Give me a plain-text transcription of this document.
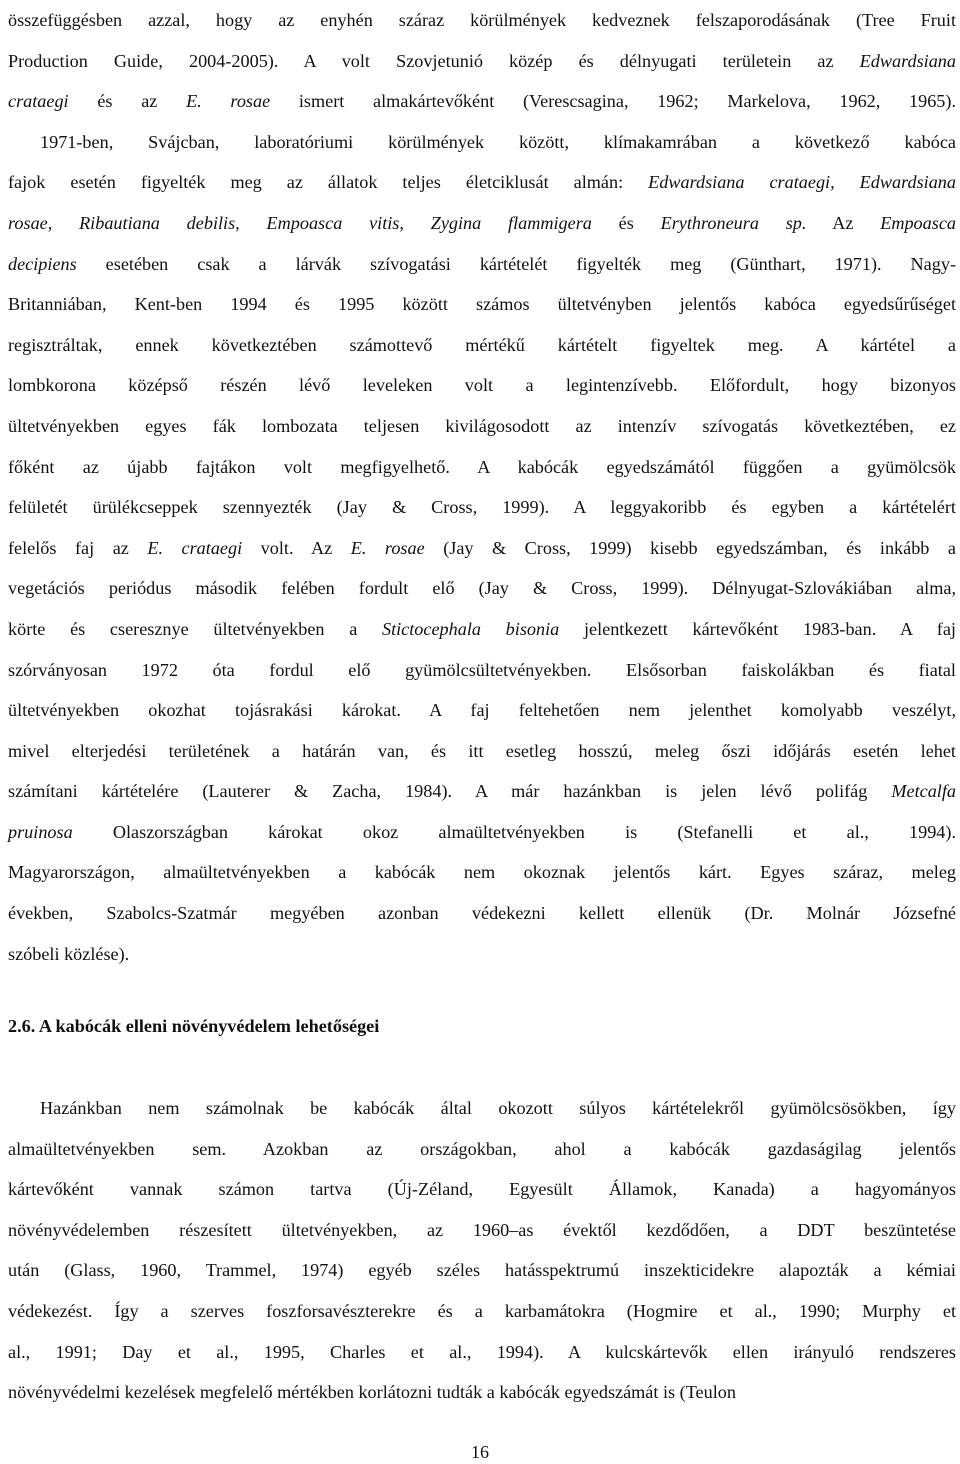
összefüggésben azzal, hogy az enyhén száraz körülmények kedveznek felszaporodásának (Tree Fruit
Production Guide, 2004-2005). A volt Szovjetunió közép és délnyugati területein az Edwardsiana
crataegi és az E. rosae ismert almakártevőként (Verescsagina, 1962; Markelova, 1962, 1965).
1971-ben, Svájcban, laboratóriumi körülmények között, klímakamrában a következő kabóca
fajok esetén figyelték meg az állatok teljes életciklusát almán: Edwardsiana crataegi, Edwardsiana
rosae, Ribautiana debilis, Empoasca vitis, Zygina flammigera és Erythroneura sp. Az Empoasca
decipiens esetében csak a lárvák szívogatási kártételét figyelték meg (Günthart, 1971). Nagy-
Britanniában, Kent-ben 1994 és 1995 között számos ültetvényben jelentős kabóca egyedsűrűséget
regisztráltak, ennek következtében számottevő mértékű kártételt figyeltek meg. A kártétel a
lombkorona középső részén lévő leveleken volt a legintenzívebb. Előfordult, hogy bizonyos
ültetvényekben egyes fák lombozata teljesen kivilágosodott az intenzív szívogatás következtében, ez
főként az újabb fajtákon volt megfigyelhető. A kabócák egyedszámától függően a gyümölcsök
felületét ürülékcseppek szennyezték (Jay & Cross, 1999). A leggyakoribb és egyben a kártételért
felelős faj az E. crataegi volt. Az E. rosae (Jay & Cross, 1999) kisebb egyedszámban, és inkább a
vegetációs periódus második felében fordult elő (Jay & Cross, 1999). Délnyugat-Szlovákiában alma,
körte és cseresznye ültetvényekben a Stictocephala bisonia jelentkezett kártevőként 1983-ban. A faj
szórványosan 1972 óta fordul elő gyümölcsültetvényekben. Elsősorban faiskolákban és fiatal
ültetvényekben okozhat tojásrakási károkat. A faj feltehetően nem jelenthet komolyabb veszélyt,
mivel elterjedési területének a határán van, és itt esetleg hosszú, meleg őszi időjárás esetén lehet
számítani kártételére (Lauterer & Zacha, 1984). A már hazánkban is jelen lévő polifág Metcalfa
pruinosa Olaszországban károkat okoz almaültetvényekben is (Stefanelli et al., 1994).
Magyarországon, almaültetvényekben a kabócák nem okoznak jelentős kárt. Egyes száraz, meleg
években, Szabolcs-Szatmár megyében azonban védekezni kellett ellenük (Dr. Molnár Józsefné
szóbeli közlése).
2.6. A kabócák elleni növényvédelem lehetőségei
Hazánkban nem számolnak be kabócák által okozott súlyos kártételekről gyümölcsösökben, így
almaültetvényekben sem. Azokban az országokban, ahol a kabócák gazdaságilag jelentős
kártevőként vannak számon tartva (Új-Zéland, Egyesült Államok, Kanada) a hagyományos
növényvédelemben részesített ültetvényekben, az 1960–as évektől kezdődően, a DDT beszüntetése
után (Glass, 1960, Trammel, 1974) egyéb széles hatásspektrumú inszekticidekre alapozták a kémiai
védekezést. Így a szerves foszforsavészterekre és a karbamátokra (Hogmire et al., 1990; Murphy et
al., 1991; Day et al., 1995, Charles et al., 1994). A kulcskártevők ellen irányuló rendszeres
növényvédelmi kezelések megfelelő mértékben korlátozni tudták a kabócák egyedszámát is (Teulon
16
